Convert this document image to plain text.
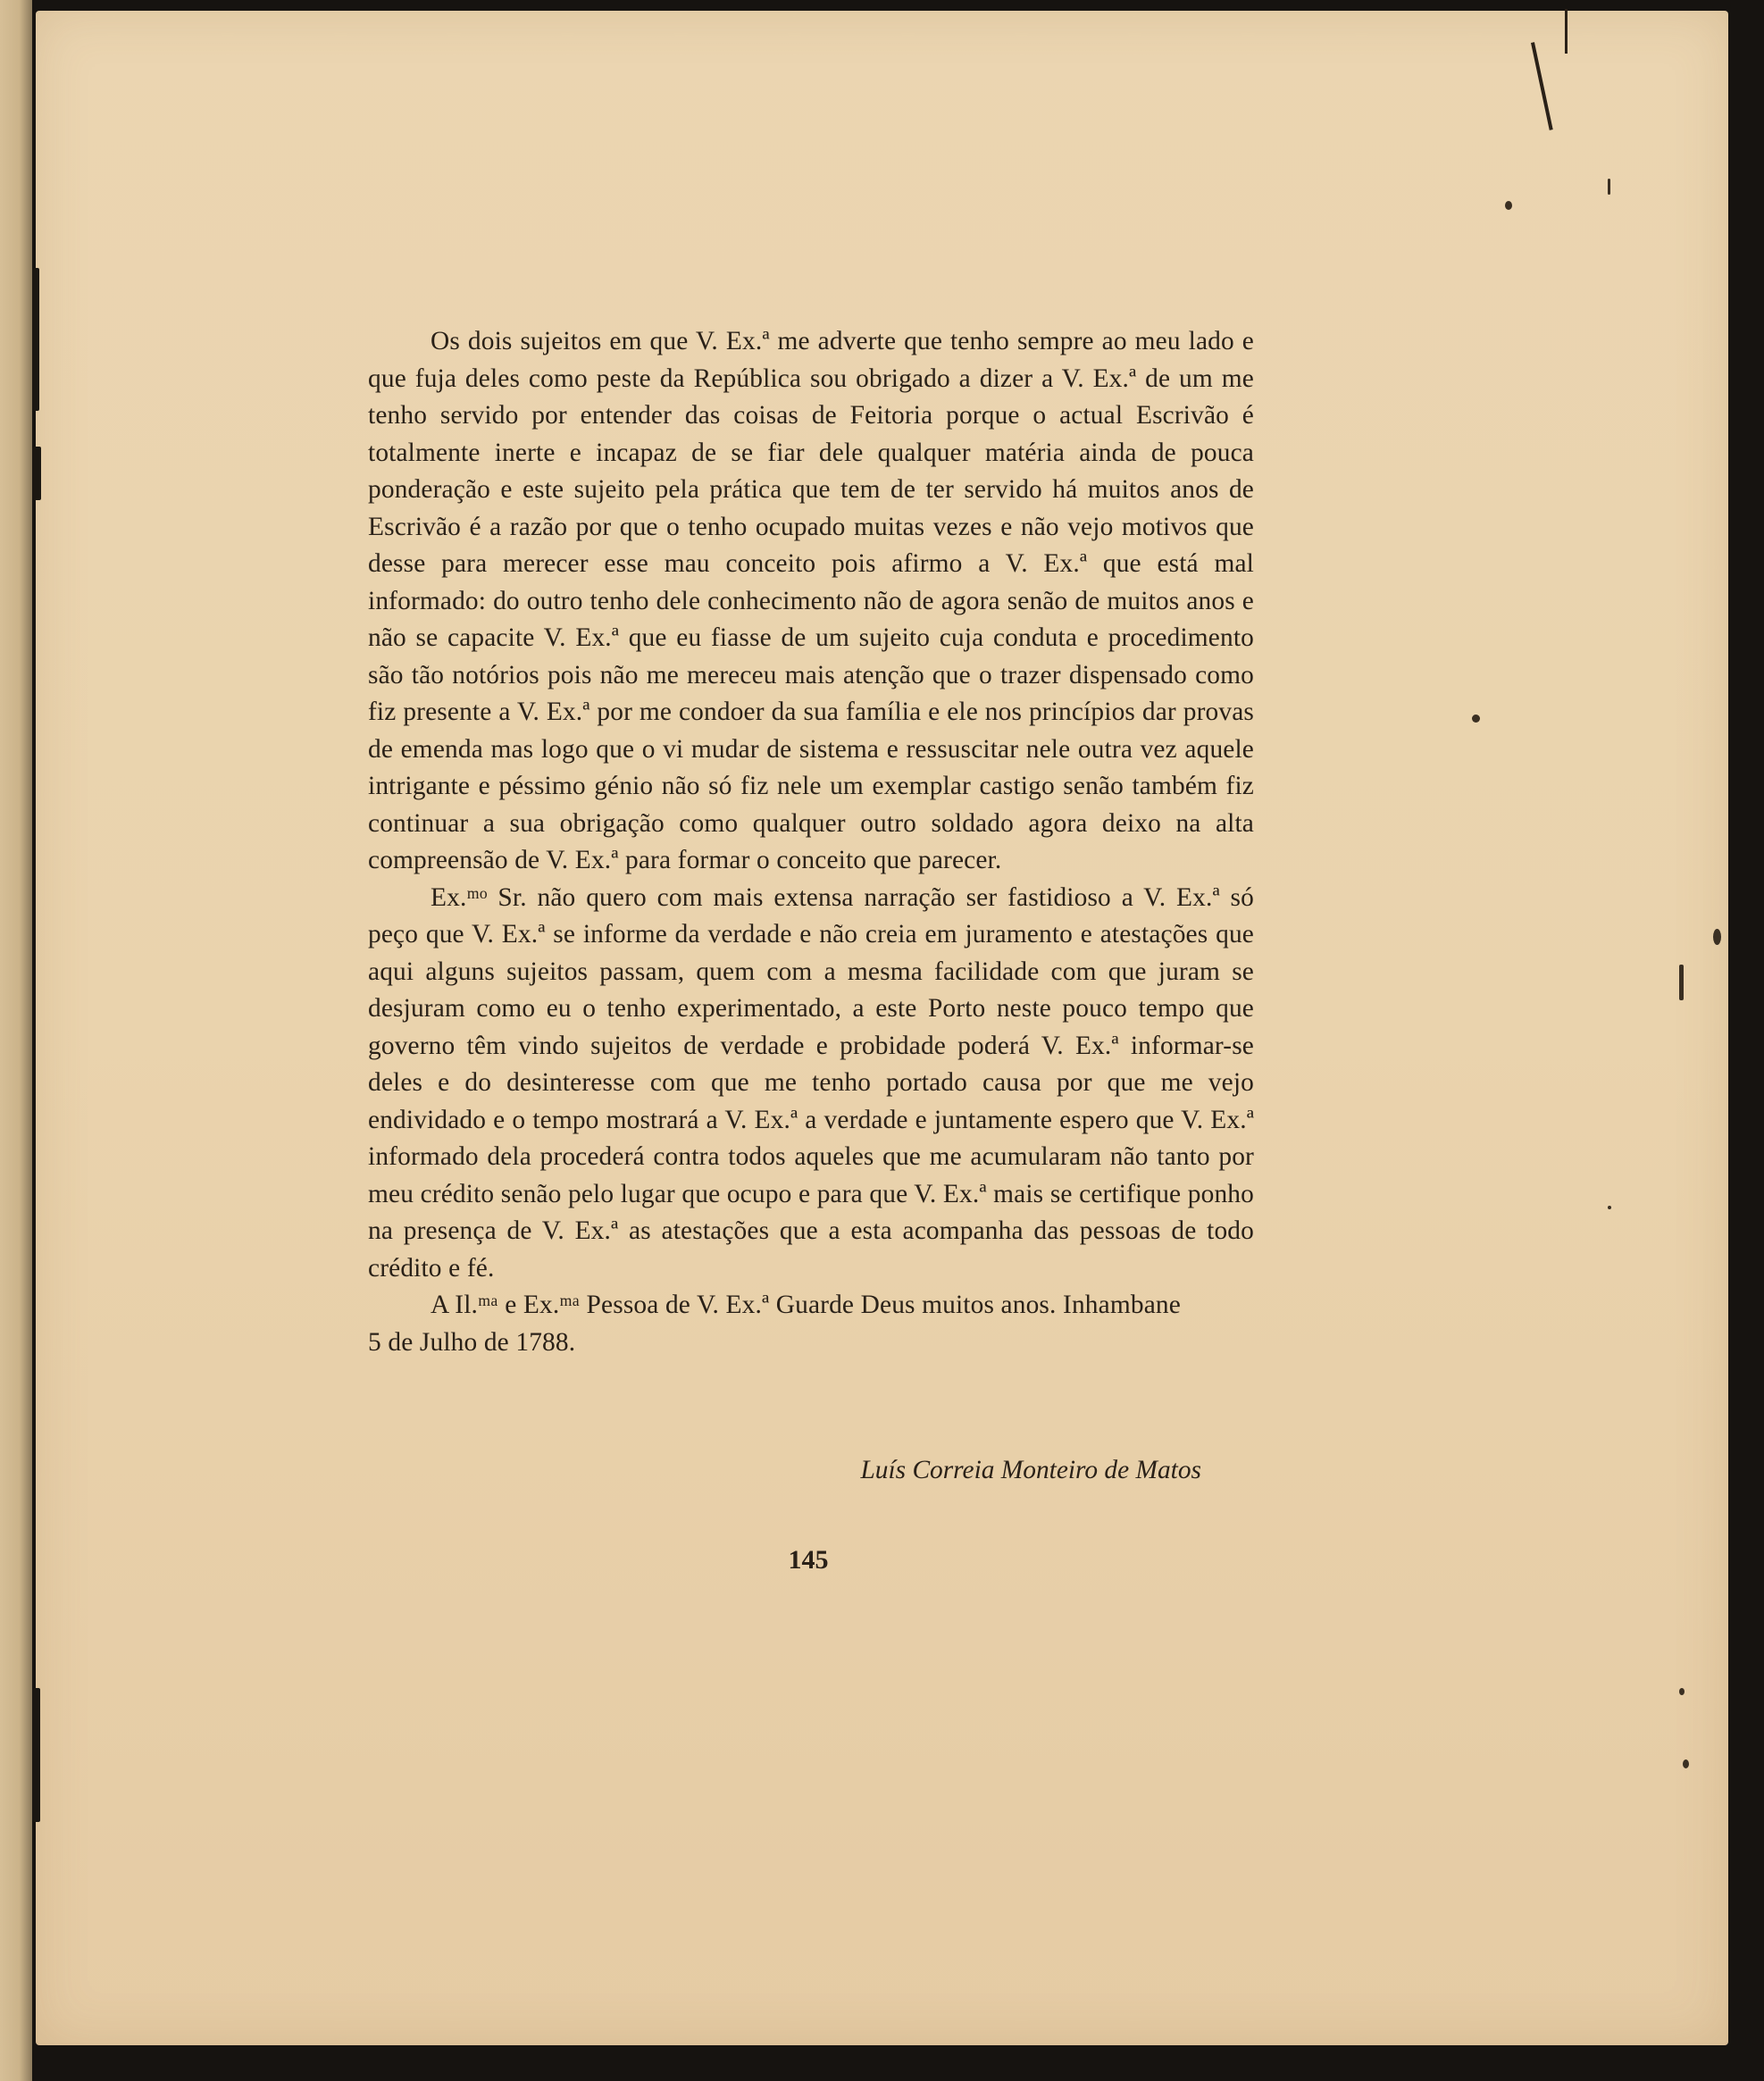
Os dois sujeitos em que V. Ex.ª me adverte que tenho sempre ao meu lado e que fuja deles como peste da República sou obrigado a dizer a V. Ex.ª de um me tenho servido por entender das coisas de Feitoria porque o actual Escrivão é totalmente inerte e incapaz de se fiar dele qualquer matéria ainda de pouca ponderação e este sujeito pela prática que tem de ter servido há muitos anos de Escrivão é a razão por que o tenho ocupado muitas vezes e não vejo motivos que desse para merecer esse mau conceito pois afirmo a V. Ex.ª que está mal informado: do outro tenho dele conhecimento não de agora senão de muitos anos e não se capacite V. Ex.ª que eu fiasse de um sujeito cuja conduta e procedimento são tão notórios pois não me mereceu mais atenção que o trazer dispensado como fiz presente a V. Ex.ª por me condoer da sua família e ele nos princípios dar provas de emenda mas logo que o vi mudar de sistema e ressuscitar nele outra vez aquele intrigante e péssimo génio não só fiz nele um exemplar castigo senão também fiz continuar a sua obrigação como qualquer outro soldado agora deixo na alta compreensão de V. Ex.ª para formar o conceito que parecer.

Ex.ᵐᵒ Sr. não quero com mais extensa narração ser fastidioso a V. Ex.ª só peço que V. Ex.ª se informe da verdade e não creia em juramento e atestações que aqui alguns sujeitos passam, quem com a mesma facilidade com que juram se desjuram como eu o tenho experimentado, a este Porto neste pouco tempo que governo têm vindo sujeitos de verdade e probidade poderá V. Ex.ª informar-se deles e do desinteresse com que me tenho portado causa por que me vejo endividado e o tempo mostrará a V. Ex.ª a verdade e juntamente espero que V. Ex.ª informado dela procederá contra todos aqueles que me acumularam não tanto por meu crédito senão pelo lugar que ocupo e para que V. Ex.ª mais se certifique ponho na presença de V. Ex.ª as atestações que a esta acompanha das pessoas de todo crédito e fé.

A Il.ᵐᵃ e Ex.ᵐᵃ Pessoa de V. Ex.ª Guarde Deus muitos anos. Inhambane
5 de Julho de 1788.

Luís Correia Monteiro de Matos
145
